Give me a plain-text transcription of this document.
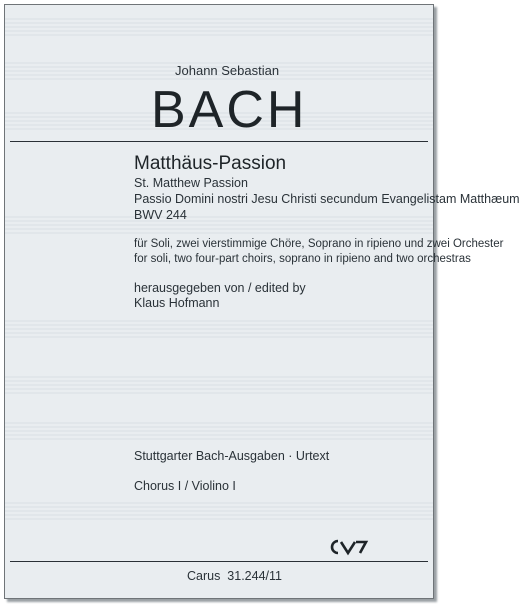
Johann Sebastian
BACH
Matthäus-Passion
St. Matthew Passion
Passio Domini nostri Jesu Christi secundum Evangelistam Matthæum
BWV 244
für Soli, zwei vierstimmige Chöre, Soprano in ripieno und zwei Orchester
for soli, two four-part choirs, soprano in ripieno and two orchestras
herausgegeben von / edited by
Klaus Hofmann
Stuttgarter Bach-Ausgaben · Urtext
Chorus I / Violino I
Carus  31.244/11
